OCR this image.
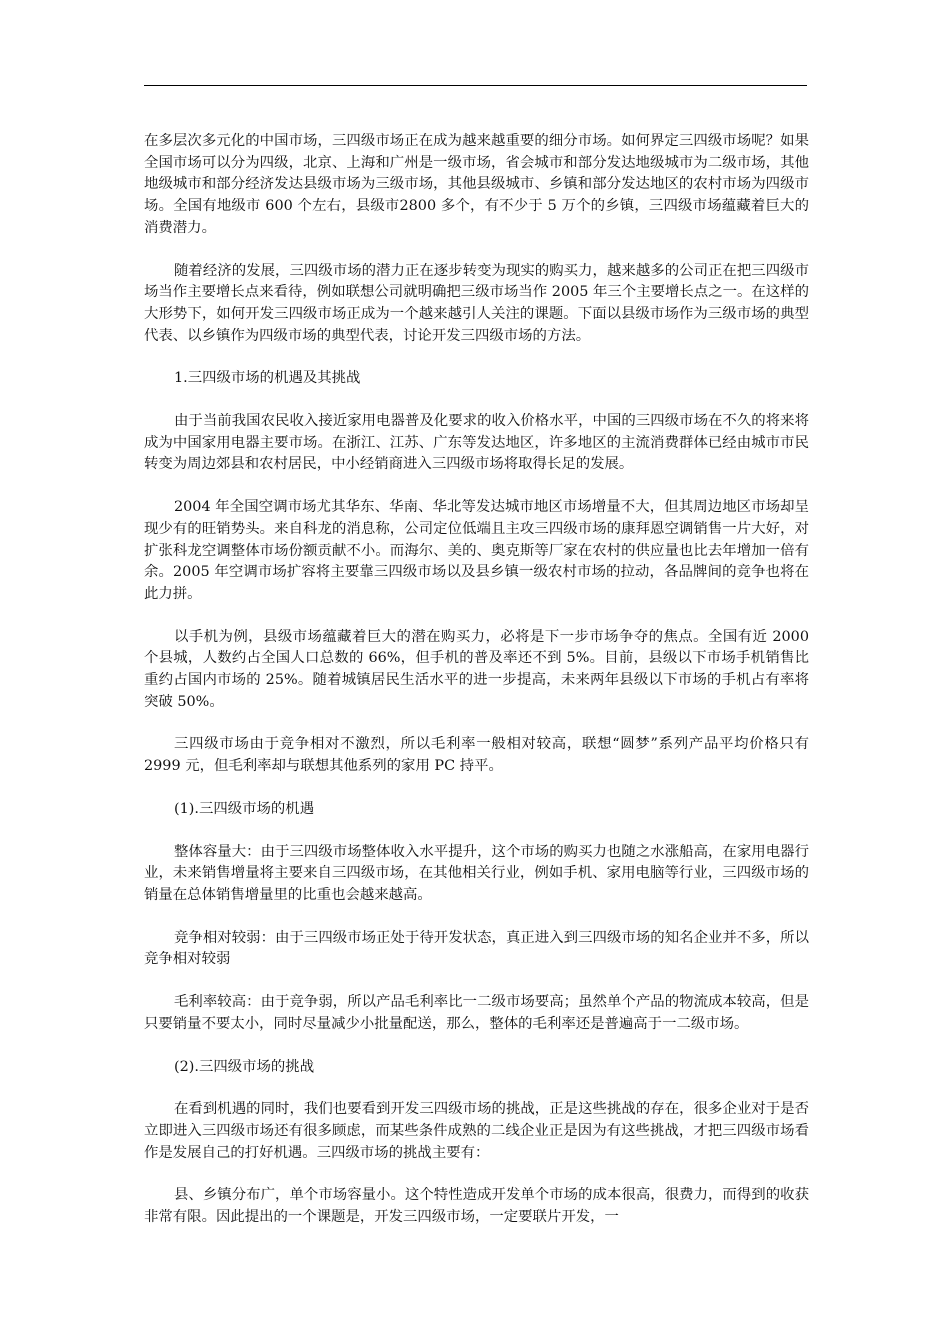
在多层次多元化的中国市场，三四级市场正在成为越来越重要的细分市场。如何界定三四级市场呢？如果全国市场可以分为四级，北京、上海和广州是一级市场，省会城市和部分发达地级城市为二级市场，其他地级城市和部分经济发达县级市场为三级市场，其他县级城市、乡镇和部分发达地区的农村市场为四级市场。全国有地级市 600 个左右，县级市2800 多个，有不少于 5 万个的乡镇，三四级市场蕴藏着巨大的消费潜力。

随着经济的发展，三四级市场的潜力正在逐步转变为现实的购买力，越来越多的公司正在把三四级市场当作主要增长点来看待，例如联想公司就明确把三级市场当作 2005 年三个主要增长点之一。在这样的大形势下，如何开发三四级市场正成为一个越来越引人关注的课题。下面以县级市场作为三级市场的典型代表、以乡镇作为四级市场的典型代表，讨论开发三四级市场的方法。

1.三四级市场的机遇及其挑战

由于当前我国农民收入接近家用电器普及化要求的收入价格水平，中国的三四级市场在不久的将来将成为中国家用电器主要市场。在浙江、江苏、广东等发达地区，许多地区的主流消费群体已经由城市市民转变为周边郊县和农村居民，中小经销商进入三四级市场将取得长足的发展。

2004 年全国空调市场尤其华东、华南、华北等发达城市地区市场增量不大，但其周边地区市场却呈现少有的旺销势头。来自科龙的消息称，公司定位低端且主攻三四级市场的康拜恩空调销售一片大好，对扩张科龙空调整体市场份额贡献不小。而海尔、美的、奥克斯等厂家在农村的供应量也比去年增加一倍有余。2005 年空调市场扩容将主要靠三四级市场以及县乡镇一级农村市场的拉动，各品牌间的竞争也将在此力拼。

以手机为例，县级市场蕴藏着巨大的潜在购买力，必将是下一步市场争夺的焦点。全国有近 2000 个县城，人数约占全国人口总数的 66%，但手机的普及率还不到 5%。目前，县级以下市场手机销售比重约占国内市场的 25%。随着城镇居民生活水平的进一步提高，未来两年县级以下市场的手机占有率将突破 50%。

三四级市场由于竞争相对不激烈，所以毛利率一般相对较高，联想“圆梦”系列产品平均价格只有 2999 元，但毛利率却与联想其他系列的家用 PC 持平。

(1).三四级市场的机遇

整体容量大：由于三四级市场整体收入水平提升，这个市场的购买力也随之水涨船高，在家用电器行业，未来销售增量将主要来自三四级市场，在其他相关行业，例如手机、家用电脑等行业，三四级市场的销量在总体销售增量里的比重也会越来越高。

竞争相对较弱：由于三四级市场正处于待开发状态，真正进入到三四级市场的知名企业并不多，所以竞争相对较弱

毛利率较高：由于竞争弱，所以产品毛利率比一二级市场要高；虽然单个产品的物流成本较高，但是只要销量不要太小，同时尽量减少小批量配送，那么，整体的毛利率还是普遍高于一二级市场。

(2).三四级市场的挑战

在看到机遇的同时，我们也要看到开发三四级市场的挑战，正是这些挑战的存在，很多企业对于是否立即进入三四级市场还有很多顾虑，而某些条件成熟的二线企业正是因为有这些挑战，才把三四级市场看作是发展自己的打好机遇。三四级市场的挑战主要有：

县、乡镇分布广，单个市场容量小。这个特性造成开发单个市场的成本很高，很费力，而得到的收获非常有限。因此提出的一个课题是，开发三四级市场，一定要联片开发，一
